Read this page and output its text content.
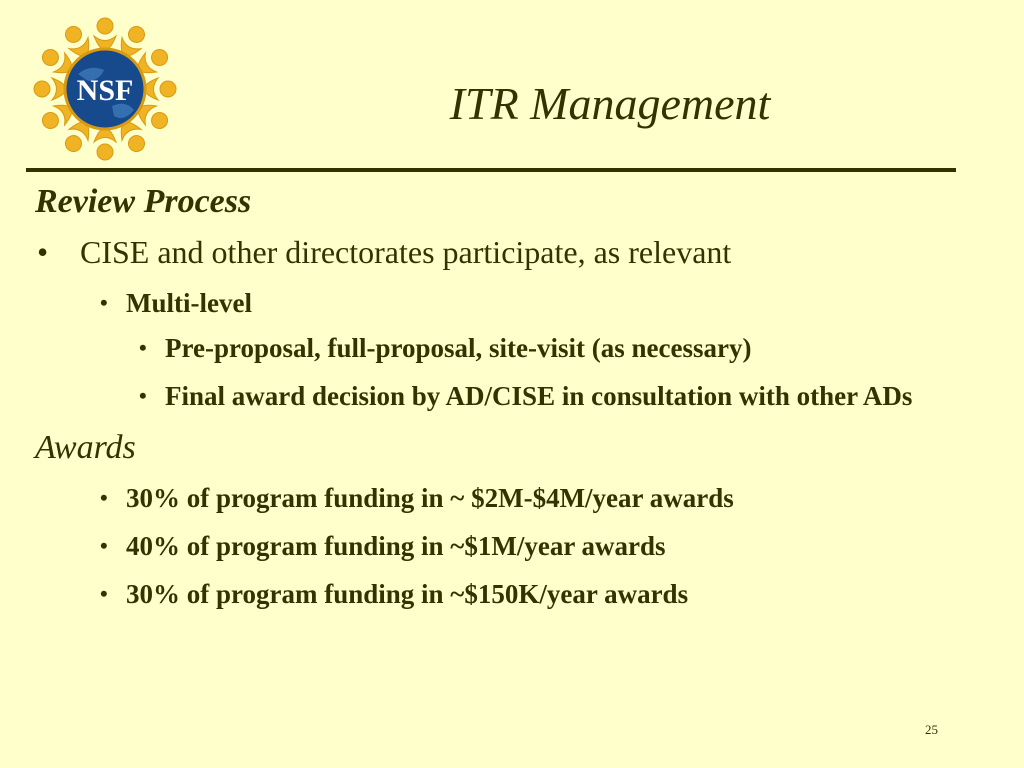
NSF	ITR Management

Review Process

• CISE and other directorates participate, as relevant

• Multi-level

• Pre-proposal, full-proposal, site-visit (as necessary)

• Final award decision by AD/CISE in consultation with other ADs

Awards

• 30% of program funding in ~ $2M-$4M/year awards

• 40% of program funding in ~$1M/year awards

• 30% of program funding in ~$150K/year awards

25
